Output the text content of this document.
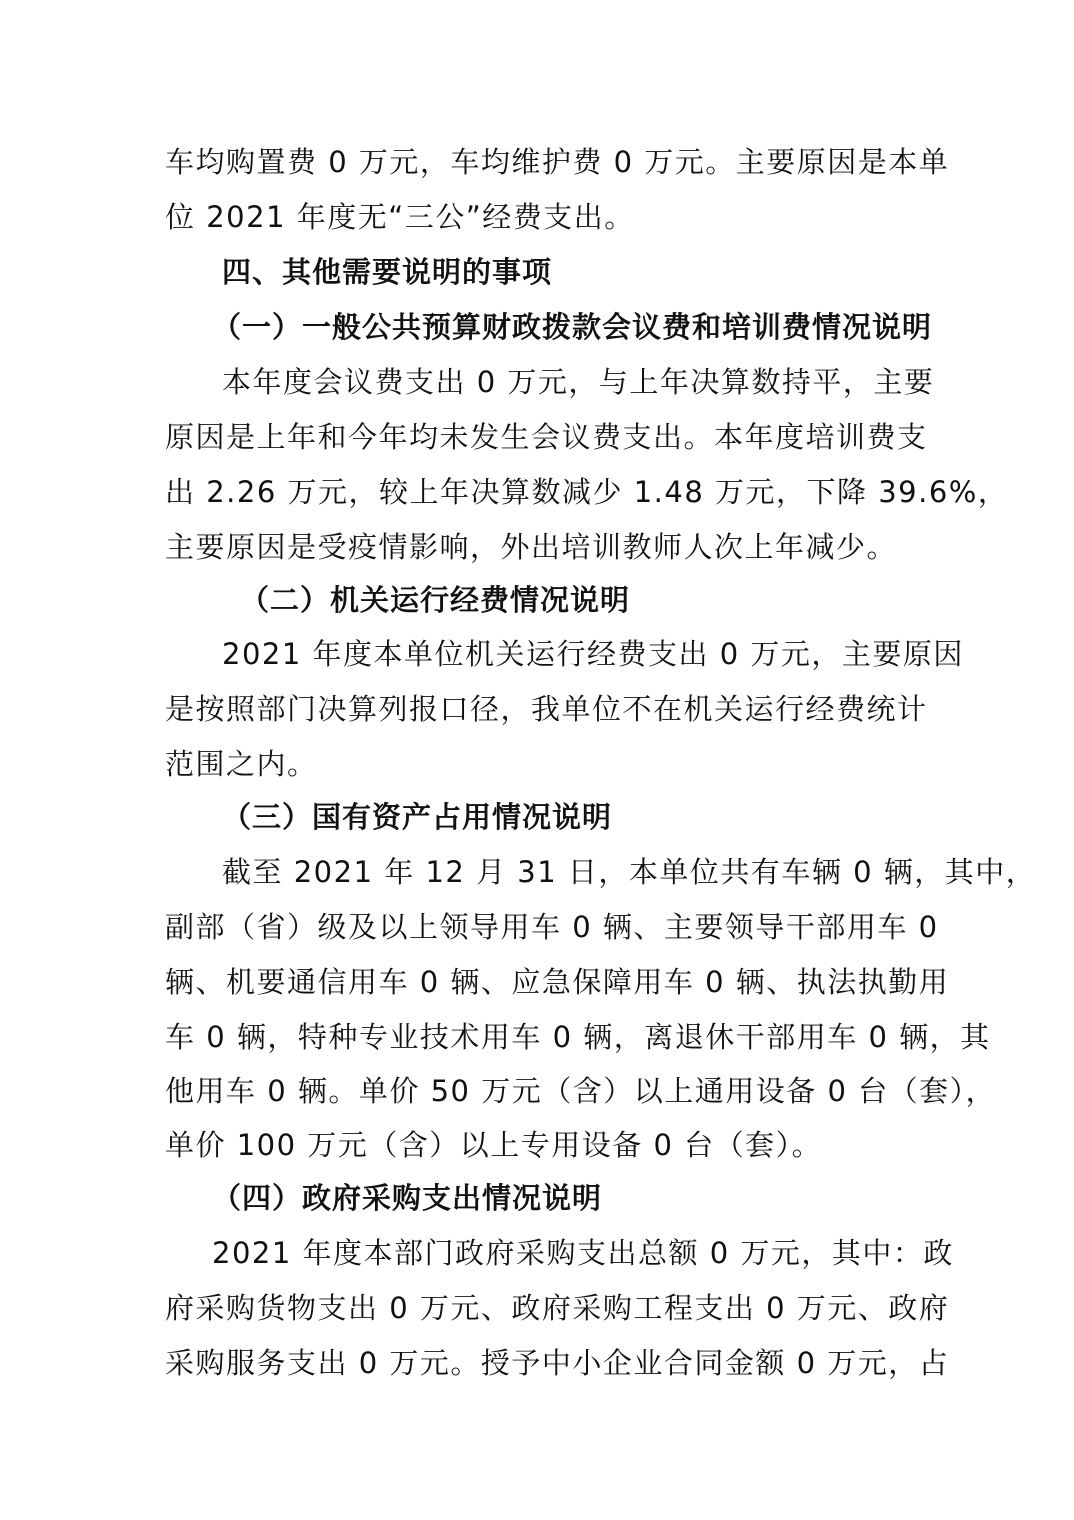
车均购置费 0 万元，车均维护费 0 万元。主要原因是本单

位 2021 年度无“三公”经费支出。

四、其他需要说明的事项

（一）一般公共预算财政拨款会议费和培训费情况说明

本年度会议费支出 0 万元，与上年决算数持平，主要

原因是上年和今年均未发生会议费支出。本年度培训费支

出 2.26 万元，较上年决算数减少 1.48 万元，下降 39.6%，

主要原因是受疫情影响，外出培训教师人次上年减少。

（二）机关运行经费情况说明

2021 年度本单位机关运行经费支出 0 万元，主要原因

是按照部门决算列报口径，我单位不在机关运行经费统计

范围之内。

（三）国有资产占用情况说明

截至 2021 年 12 月 31 日，本单位共有车辆 0 辆，其中，

副部（省）级及以上领导用车 0 辆、主要领导干部用车 0

辆、机要通信用车 0 辆、应急保障用车 0 辆、执法执勤用

车 0 辆，特种专业技术用车 0 辆，离退休干部用车 0 辆，其

他用车 0 辆。单价 50 万元（含）以上通用设备 0 台（套），

单价 100 万元（含）以上专用设备 0 台（套）。

（四）政府采购支出情况说明

2021 年度本部门政府采购支出总额 0 万元，其中：政

府采购货物支出 0 万元、政府采购工程支出 0 万元、政府

采购服务支出 0 万元。授予中小企业合同金额 0 万元，占
